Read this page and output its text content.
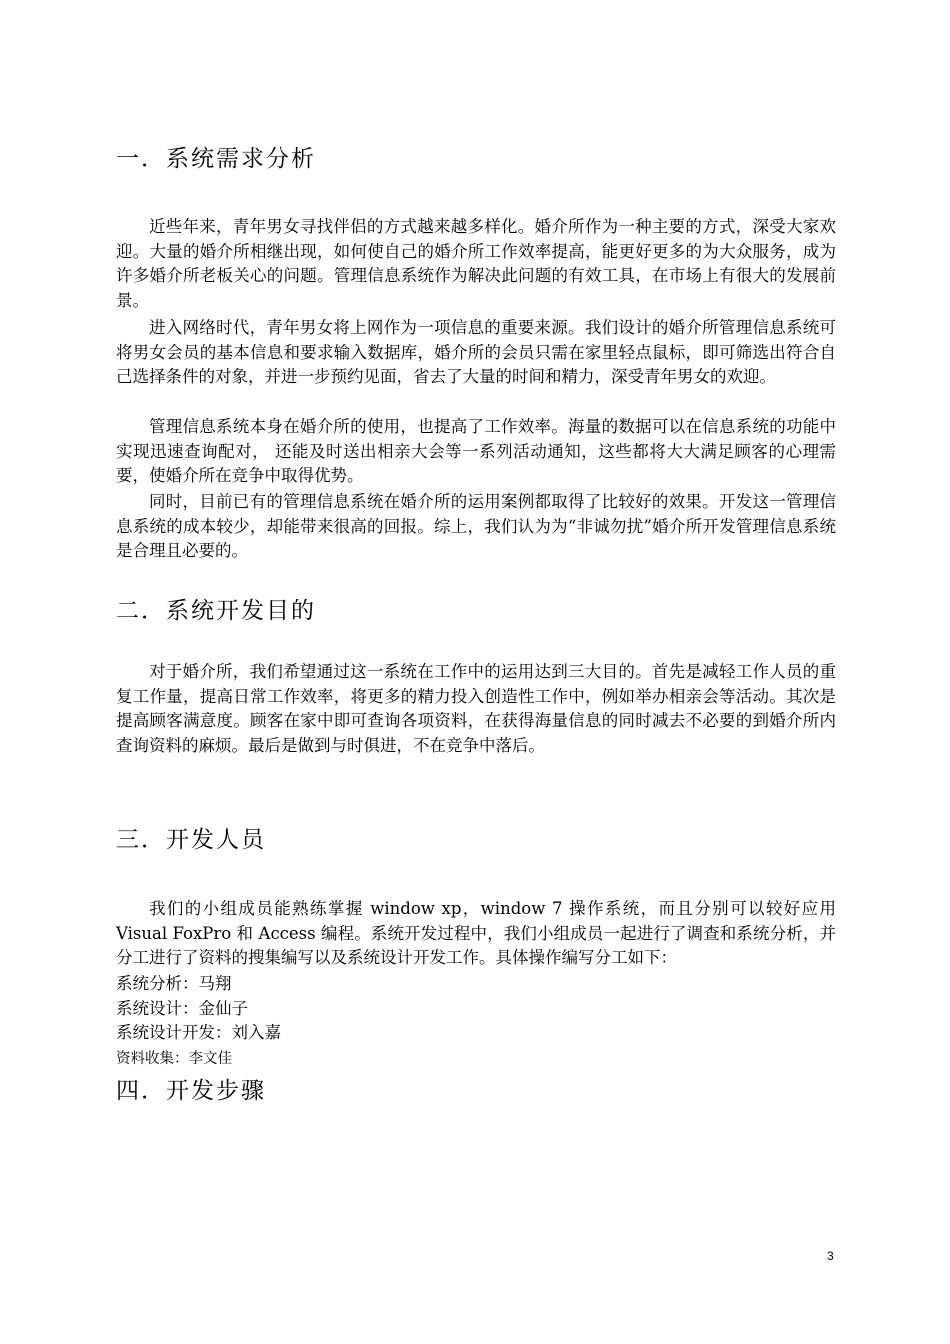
一．系统需求分析

近些年来，青年男女寻找伴侣的方式越来越多样化。婚介所作为一种主要的方式，深受大家欢迎。大量的婚介所相继出现，如何使自己的婚介所工作效率提高，能更好更多的为大众服务，成为许多婚介所老板关心的问题。管理信息系统作为解决此问题的有效工具，在市场上有很大的发展前景。

进入网络时代，青年男女将上网作为一项信息的重要来源。我们设计的婚介所管理信息系统可将男女会员的基本信息和要求输入数据库，婚介所的会员只需在家里轻点鼠标，即可筛选出符合自己选择条件的对象，并进一步预约见面，省去了大量的时间和精力，深受青年男女的欢迎。

管理信息系统本身在婚介所的使用，也提高了工作效率。海量的数据可以在信息系统的功能中实现迅速查询配对， 还能及时送出相亲大会等一系列活动通知，这些都将大大满足顾客的心理需要，使婚介所在竞争中取得优势。

同时，目前已有的管理信息系统在婚介所的运用案例都取得了比较好的效果。开发这一管理信息系统的成本较少，却能带来很高的回报。综上，我们认为为“非诚勿扰”婚介所开发管理信息系统是合理且必要的。

二．系统开发目的

对于婚介所，我们希望通过这一系统在工作中的运用达到三大目的。首先是减轻工作人员的重复工作量，提高日常工作效率，将更多的精力投入创造性工作中，例如举办相亲会等活动。其次是提高顾客满意度。顾客在家中即可查询各项资料，在获得海量信息的同时减去不必要的到婚介所内查询资料的麻烦。最后是做到与时俱进，不在竞争中落后。

三．开发人员

我们的小组成员能熟练掌握 window xp，window 7 操作系统，而且分别可以较好应用 Visual FoxPro 和 Access 编程。系统开发过程中，我们小组成员一起进行了调查和系统分析，并分工进行了资料的搜集编写以及系统设计开发工作。具体操作编写分工如下：

系统分析：马翔

系统设计：金仙子

系统设计开发：刘入嘉

资料收集：李文佳

四．开发步骤
3
